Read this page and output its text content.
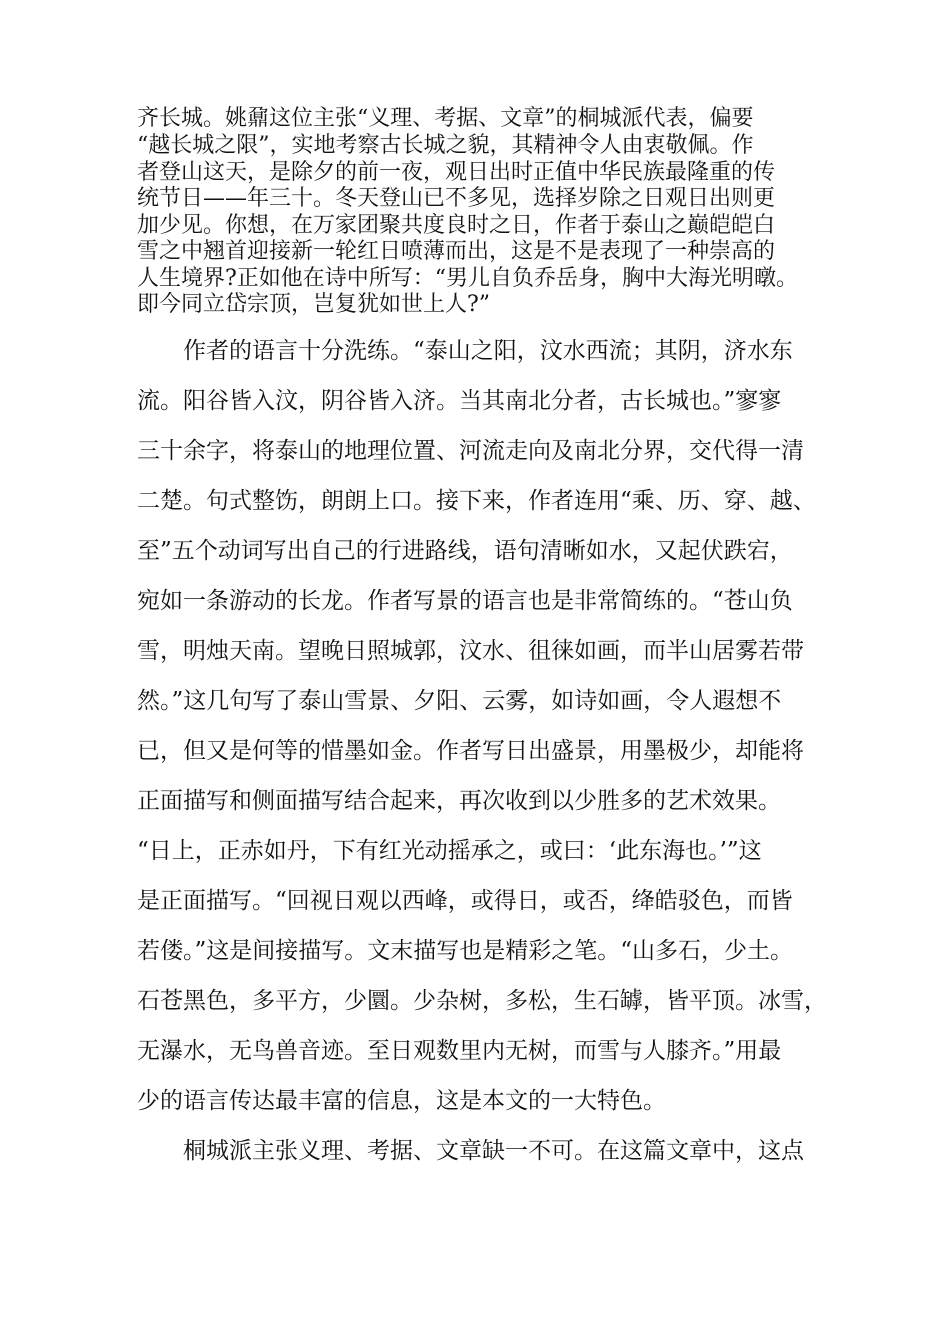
齐长城。姚鼐这位主张“义理、考据、文章”的桐城派代表，偏要
“越长城之限”，实地考察古长城之貌，其精神令人由衷敬佩。作
者登山这天，是除夕的前一夜，观日出时正值中华民族最隆重的传
统节日——年三十。冬天登山已不多见，选择岁除之日观日出则更
加少见。你想，在万家团聚共度良时之日，作者于泰山之巅皑皑白
雪之中翘首迎接新一轮红日喷薄而出，这是不是表现了一种崇高的
人生境界?正如他在诗中所写：“男儿自负乔岳身，胸中大海光明暾。
即今同立岱宗顶，岂复犹如世上人?”
　　作者的语言十分洗练。“泰山之阳，汶水西流；其阴，济水东
流。阳谷皆入汶，阴谷皆入济。当其南北分者，古长城也。”寥寥
三十余字，将泰山的地理位置、河流走向及南北分界，交代得一清
二楚。句式整饬，朗朗上口。接下来，作者连用“乘、历、穿、越、
至”五个动词写出自己的行进路线，语句清晰如水，又起伏跌宕，
宛如一条游动的长龙。作者写景的语言也是非常简练的。“苍山负
雪，明烛天南。望晚日照城郭，汶水、徂徕如画，而半山居雾若带
然。”这几句写了泰山雪景、夕阳、云雾，如诗如画，令人遐想不
已，但又是何等的惜墨如金。作者写日出盛景，用墨极少，却能将
正面描写和侧面描写结合起来，再次收到以少胜多的艺术效果。
“日上，正赤如丹，下有红光动摇承之，或曰：‘此东海也。’”这
是正面描写。“回视日观以西峰，或得日，或否，绛皓驳色，而皆
若偻。”这是间接描写。文末描写也是精彩之笔。“山多石，少土。
石苍黑色，多平方，少圜。少杂树，多松，生石罅，皆平顶。冰雪，
无瀑水，无鸟兽音迹。至日观数里内无树，而雪与人膝齐。”用最
少的语言传达最丰富的信息，这是本文的一大特色。
　　桐城派主张义理、考据、文章缺一不可。在这篇文章中，这点
